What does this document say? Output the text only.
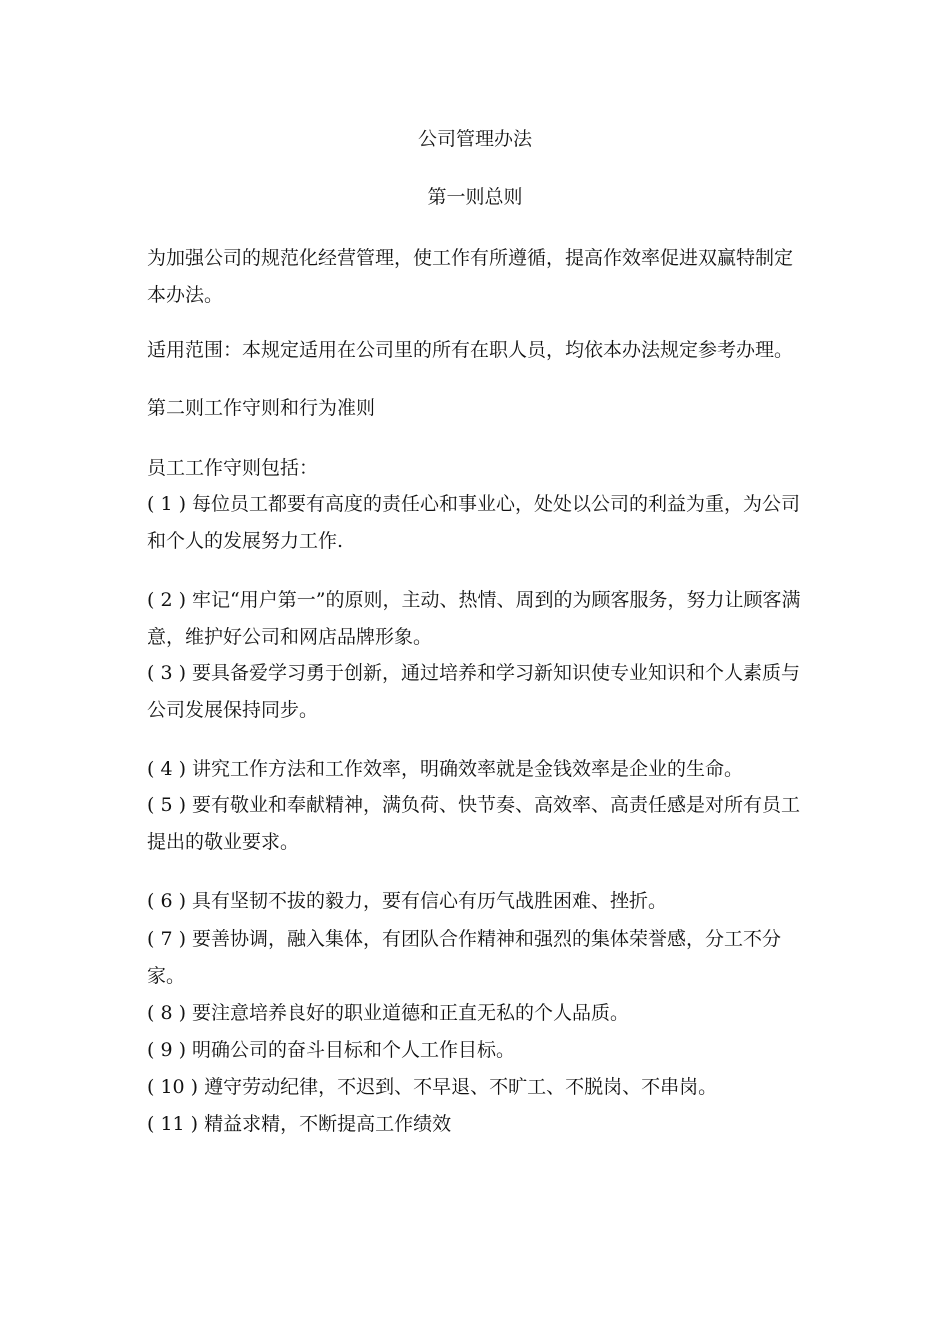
公司管理办法
第一则总则
为加强公司的规范化经营管理，使工作有所遵循，提高作效率促进双赢特制定本办法。
适用范围：本规定适用在公司里的所有在职人员，均依本办法规定参考办理。
第二则工作守则和行为准则
员工工作守则包括：
( 1 ) 每位员工都要有高度的责任心和事业心，处处以公司的利益为重，为公司和个人的发展努力工作.
( 2 ) 牢记“用户第一”的原则，主动、热情、周到的为顾客服务，努力让顾客满意，维护好公司和网店品牌形象。
( 3 ) 要具备爱学习勇于创新，通过培养和学习新知识使专业知识和个人素质与公司发展保持同步。
( 4 ) 讲究工作方法和工作效率，明确效率就是金钱效率是企业的生命。
( 5 ) 要有敬业和奉献精神，满负荷、快节奏、高效率、高责任感是对所有员工提出的敬业要求。
( 6 ) 具有坚韧不拔的毅力，要有信心有历气战胜困难、挫折。
( 7 ) 要善协调，融入集体，有团队合作精神和强烈的集体荣誉感，分工不分家。
( 8 ) 要注意培养良好的职业道德和正直无私的个人品质。
( 9 ) 明确公司的奋斗目标和个人工作目标。
( 10 ) 遵守劳动纪律，不迟到、不早退、不旷工、不脱岗、不串岗。
( 11 ) 精益求精，不断提高工作绩效
